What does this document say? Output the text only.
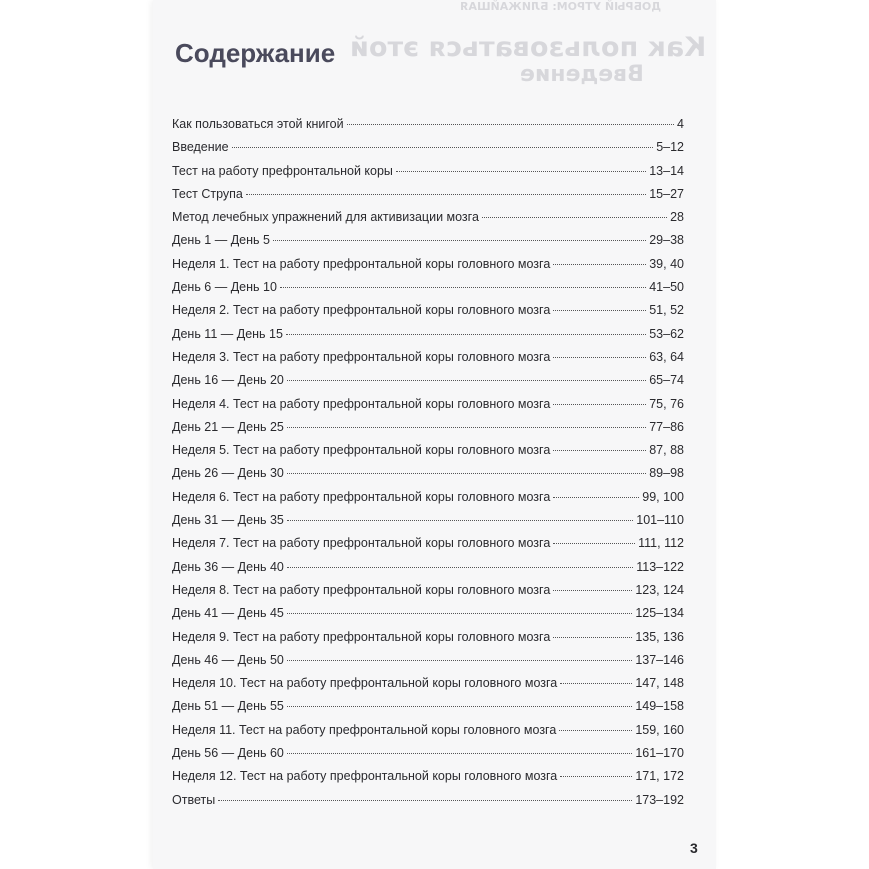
ДОБРЫЙ УТРОМ: БЛИЖАЙШАЯ
Как пользоваться этой
Введение
Содержание
Как пользоваться этой книгой	4
Введение	5–12
Тест на работу префронтальной коры	13–14
Тест Струпа	15–27
Метод лечебных упражнений для активизации мозга	28
День 1 — День 5	29–38
Неделя 1. Тест на работу префронтальной коры головного мозга	39, 40
День 6 — День 10	41–50
Неделя 2. Тест на работу префронтальной коры головного мозга	51, 52
День 11 — День 15	53–62
Неделя 3. Тест на работу префронтальной коры головного мозга	63, 64
День 16 — День 20	65–74
Неделя 4. Тест на работу префронтальной коры головного мозга	75, 76
День 21 — День 25	77–86
Неделя 5. Тест на работу префронтальной коры головного мозга	87, 88
День 26 — День 30	89–98
Неделя 6. Тест на работу префронтальной коры головного мозга	99, 100
День 31 — День 35	101–110
Неделя 7. Тест на работу префронтальной коры головного мозга	111, 112
День 36 — День 40	113–122
Неделя 8. Тест на работу префронтальной коры головного мозга	123, 124
День 41 — День 45	125–134
Неделя 9. Тест на работу префронтальной коры головного мозга	135, 136
День 46 — День 50	137–146
Неделя 10. Тест на работу префронтальной коры головного мозга	147, 148
День 51 — День 55	149–158
Неделя 11. Тест на работу префронтальной коры головного мозга	159, 160
День 56 — День 60	161–170
Неделя 12. Тест на работу префронтальной коры головного мозга	171, 172
Ответы	173–192
3
